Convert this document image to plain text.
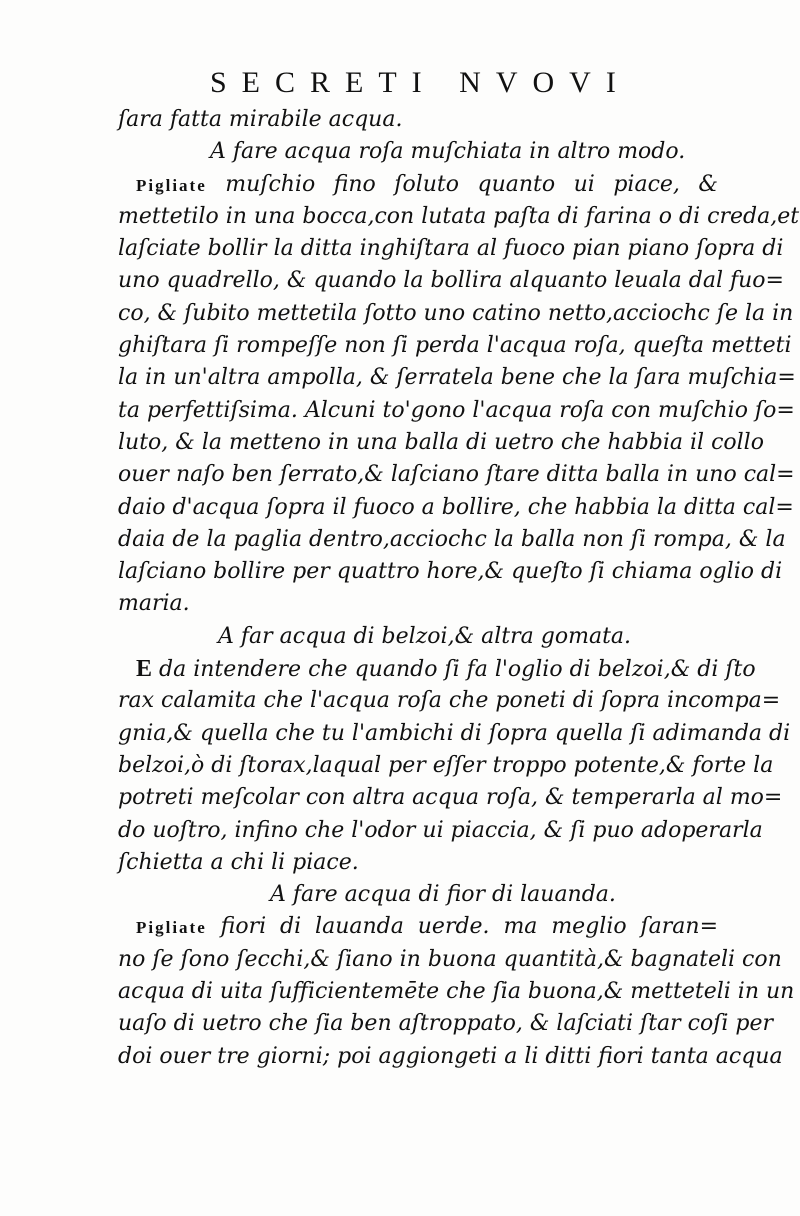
SECRETI NVOVI
ſara fatta mirabile acqua.
A fare acqua roſa muſchiata in altro modo.
Pigliate muſchio fino ſoluto quanto ui piace, &
mettetilo in una bocca,con lutata paſta di farina o di creda,et
laſciate bollir la ditta inghiſtara al fuoco pian piano ſopra di
uno quadrello, & quando la bollira alquanto leuala dal fuo=
co, & ſubito mettetila ſotto uno catino netto,acciochc ſe la in
ghiſtara ſi rompeſſe non ſi perda l'acqua roſa, queſta metteti
la in un'altra ampolla, & ſerratela bene che la ſara muſchia=
ta perfettiſsima. Alcuni to'gono l'acqua roſa con muſchio ſo=
luto, & la metteno in una balla di uetro che habbia il collo
ouer naſo ben ſerrato,& laſciano ſtare ditta balla in uno cal=
daio d'acqua ſopra il fuoco a bollire, che habbia la ditta cal=
daia de la paglia dentro,acciochc la balla non ſi rompa, & la
laſciano bollire per quattro hore,& queſto ſi chiama oglio di
maria.
A far acqua di belzoi,& altra gomata.
E da intendere che quando ſi fa l'oglio di belzoi,& di ſto
rax calamita che l'acqua roſa che poneti di ſopra incompa=
gnia,& quella che tu l'ambichi di ſopra quella ſi adimanda di
belzoi,ò di ſtorax,laqual per eſſer troppo potente,& forte la
potreti meſcolar con altra acqua roſa, & temperarla al mo=
do uoſtro, infino che l'odor ui piaccia, & ſi puo adoperarla
ſchietta a chi li piace.
A fare acqua di fior di lauanda.
Pigliate fiori di lauanda uerde. ma meglio ſaran=
no ſe ſono ſecchi,& ſiano in buona quantità,& bagnateli con
acqua di uita ſufficientemēte che ſia buona,& metteteli in un
uaſo di uetro che ſia ben aſtroppato, & laſciati ſtar coſi per
doi ouer tre giorni; poi aggiongeti a li ditti fiori tanta acqua
